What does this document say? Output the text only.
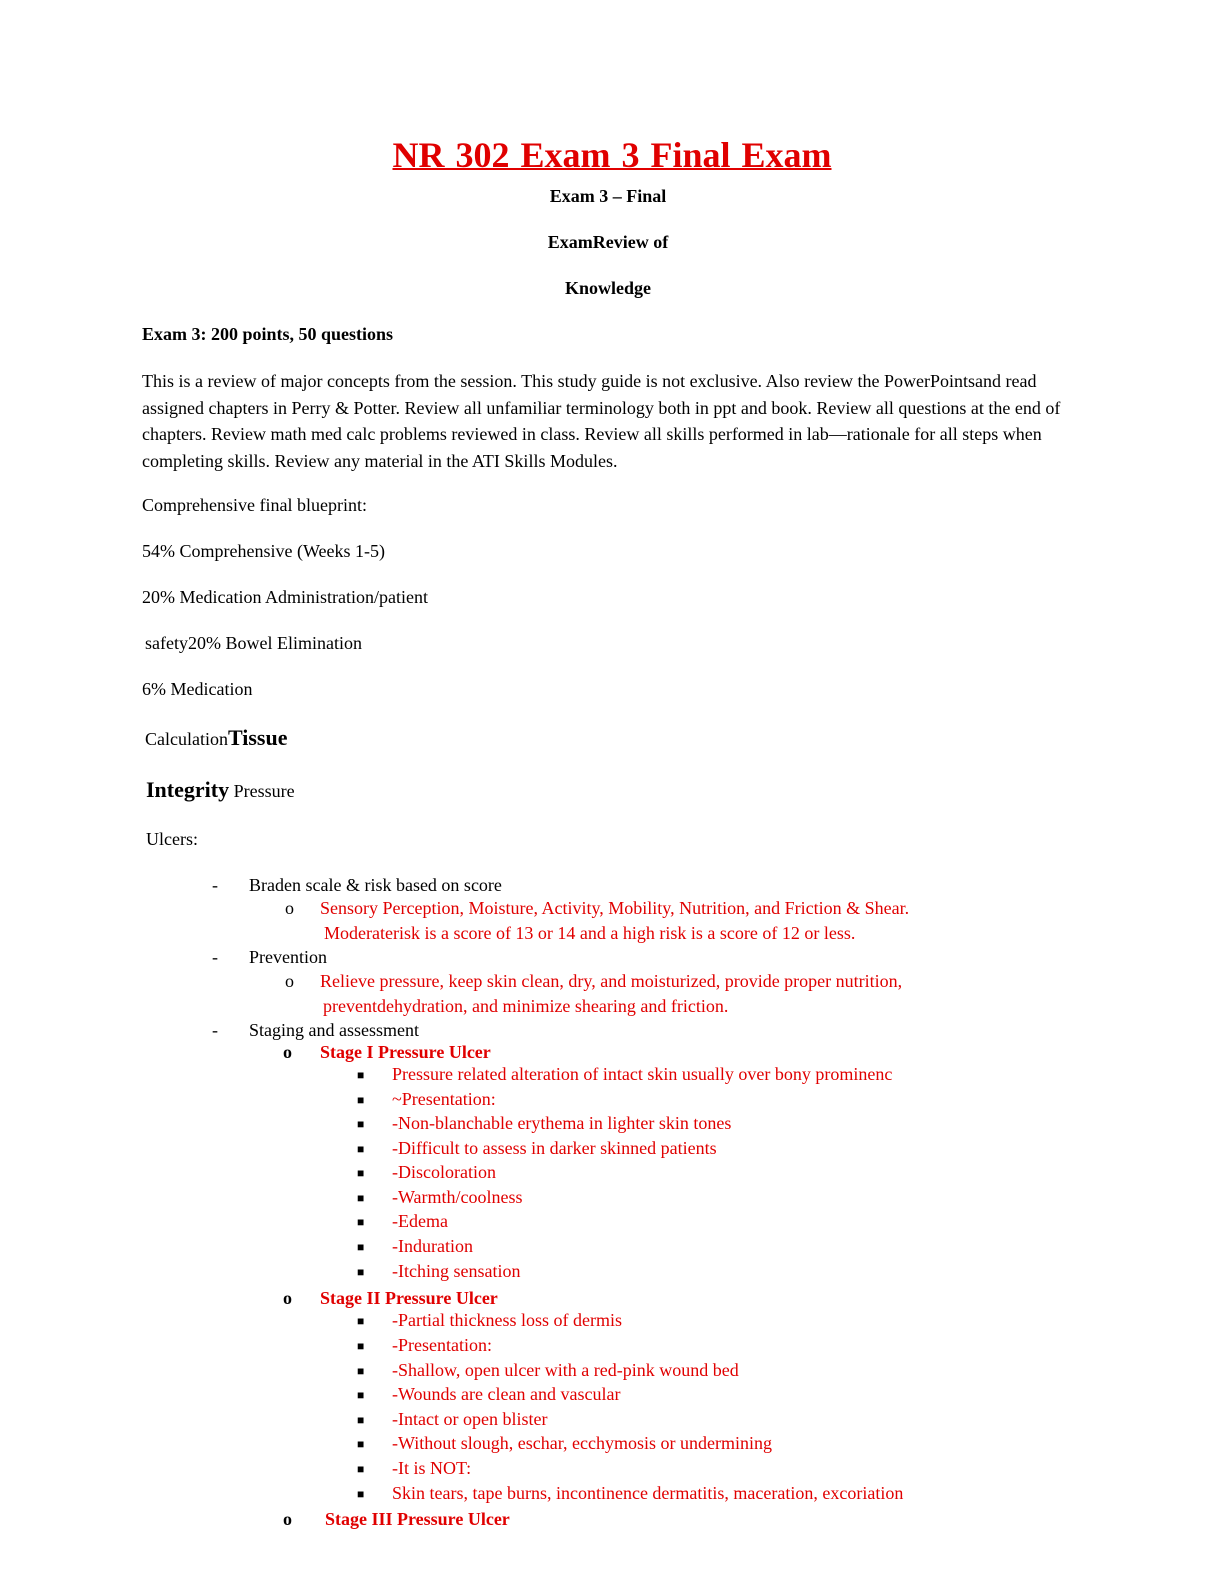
NR 302 Exam 3 Final Exam
Exam 3 – Final
ExamReview of
Knowledge
Exam 3: 200 points, 50 questions
This is a review of major concepts from the session. This study guide is not exclusive. Also review the PowerPointsand read assigned chapters in Perry & Potter. Review all unfamiliar terminology both in ppt and book. Review all questions at the end of chapters. Review math med calc problems reviewed in class. Review all skills performed in lab—rationale for all steps when completing skills. Review any material in the ATI Skills Modules.
Comprehensive final blueprint:
54% Comprehensive (Weeks 1-5)
20% Medication Administration/patient
safety20% Bowel Elimination
6% Medication
CalculationTissue
Integrity Pressure
Ulcers:
- Braden scale & risk based on score
o Sensory Perception, Moisture, Activity, Mobility, Nutrition, and Friction & Shear.
Moderaterisk is a score of 13 or 14 and a high risk is a score of 12 or less.
- Prevention
o Relieve pressure, keep skin clean, dry, and moisturized, provide proper nutrition,
preventdehydration, and minimize shearing and friction.
- Staging and assessment
o Stage I Pressure Ulcer
■ Pressure related alteration of intact skin usually over bony prominenc
■ ~Presentation:
■ -Non-blanchable erythema in lighter skin tones
■ -Difficult to assess in darker skinned patients
■ -Discoloration
■ -Warmth/coolness
■ -Edema
■ -Induration
■ -Itching sensation
o Stage II Pressure Ulcer
■ -Partial thickness loss of dermis
■ -Presentation:
■ -Shallow, open ulcer with a red-pink wound bed
■ -Wounds are clean and vascular
■ -Intact or open blister
■ -Without slough, eschar, ecchymosis or undermining
■ -It is NOT:
■ Skin tears, tape burns, incontinence dermatitis, maceration, excoriation
o Stage III Pressure Ulcer
